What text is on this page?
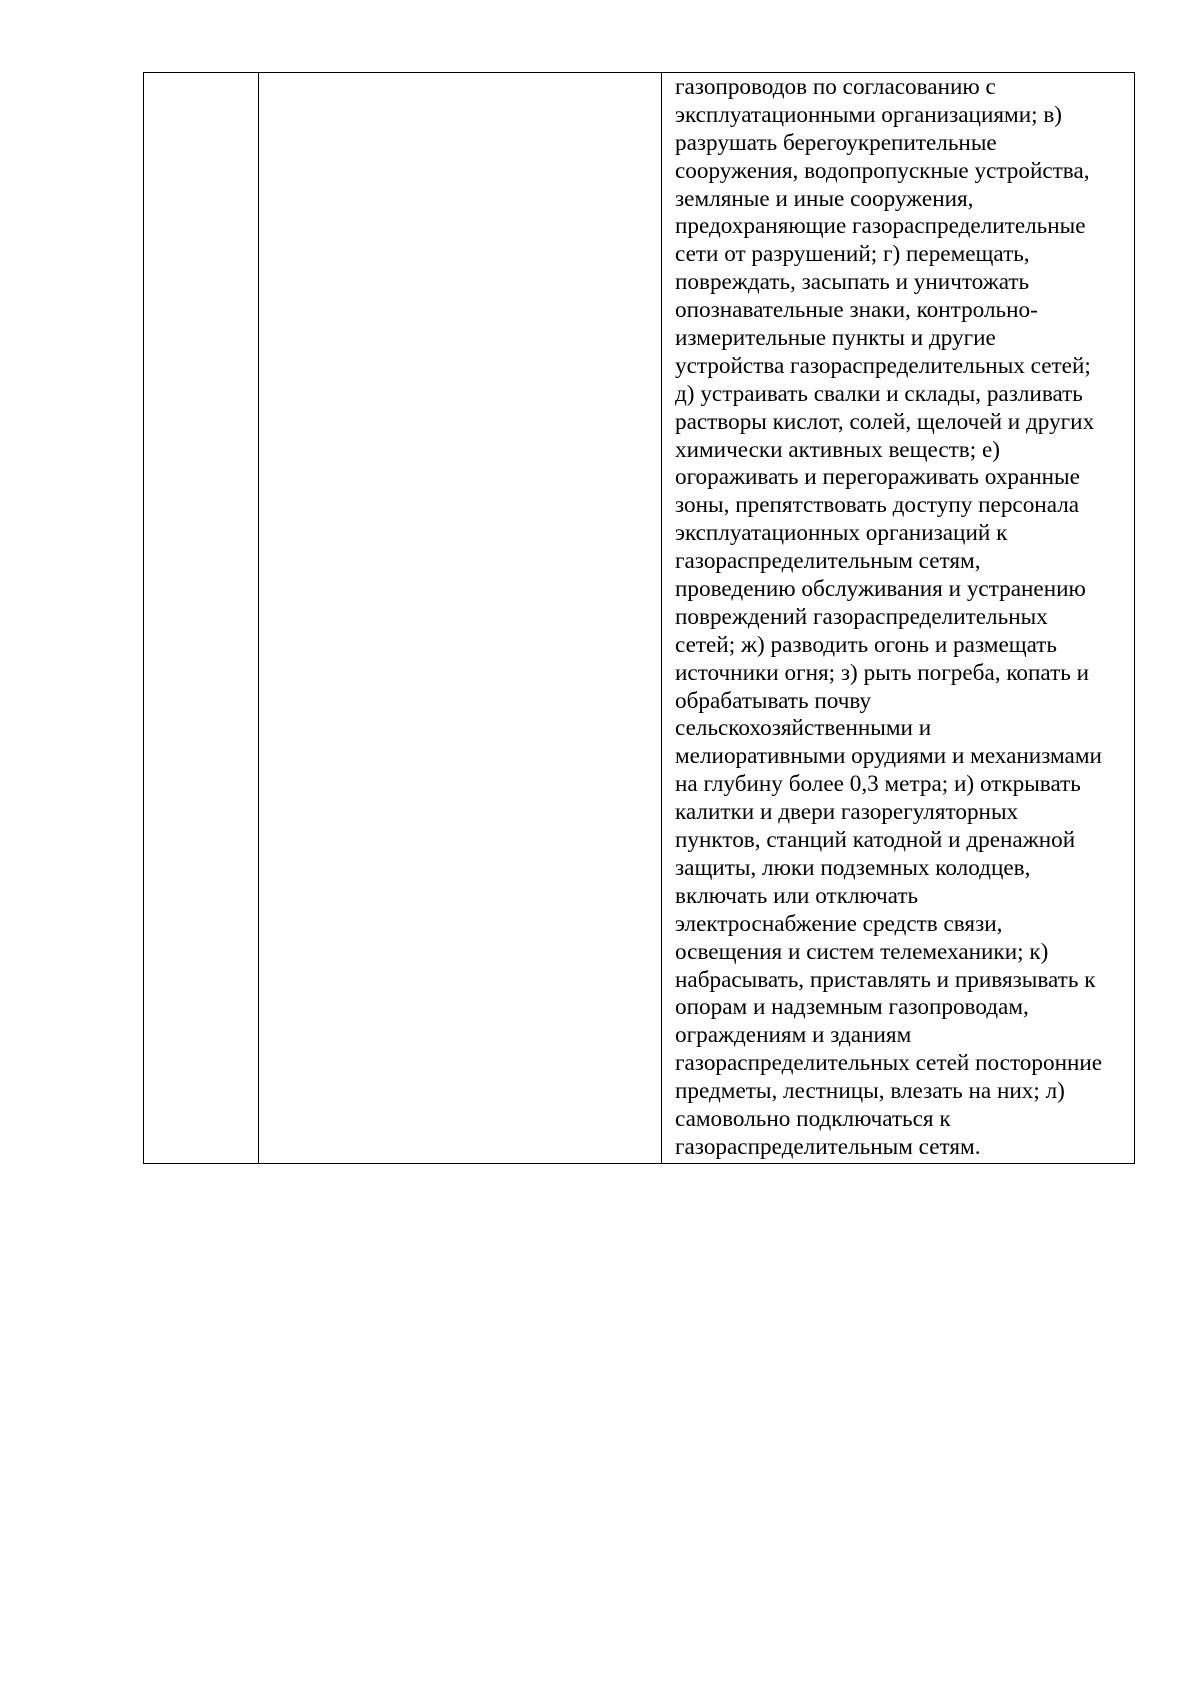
газопроводов по согласованию с
эксплуатационными организациями; в)
разрушать берегоукрепительные
сооружения, водопропускные устройства,
земляные и иные сооружения,
предохраняющие газораспределительные
сети от разрушений; г) перемещать,
повреждать, засыпать и уничтожать
опознавательные знаки, контрольно-
измерительные пункты и другие
устройства газораспределительных сетей;
д) устраивать свалки и склады, разливать
растворы кислот, солей, щелочей и других
химически активных веществ; е)
огораживать и перегораживать охранные
зоны, препятствовать доступу персонала
эксплуатационных организаций к
газораспределительным сетям,
проведению обслуживания и устранению
повреждений газораспределительных
сетей; ж) разводить огонь и размещать
источники огня; з) рыть погреба, копать и
обрабатывать почву
сельскохозяйственными и
мелиоративными орудиями и механизмами
на глубину более 0,3 метра; и) открывать
калитки и двери газорегуляторных
пунктов, станций катодной и дренажной
защиты, люки подземных колодцев,
включать или отключать
электроснабжение средств связи,
освещения и систем телемеханики; к)
набрасывать, приставлять и привязывать к
опорам и надземным газопроводам,
ограждениям и зданиям
газораспределительных сетей посторонние
предметы, лестницы, влезать на них; л)
самовольно подключаться к
газораспределительным сетям.
